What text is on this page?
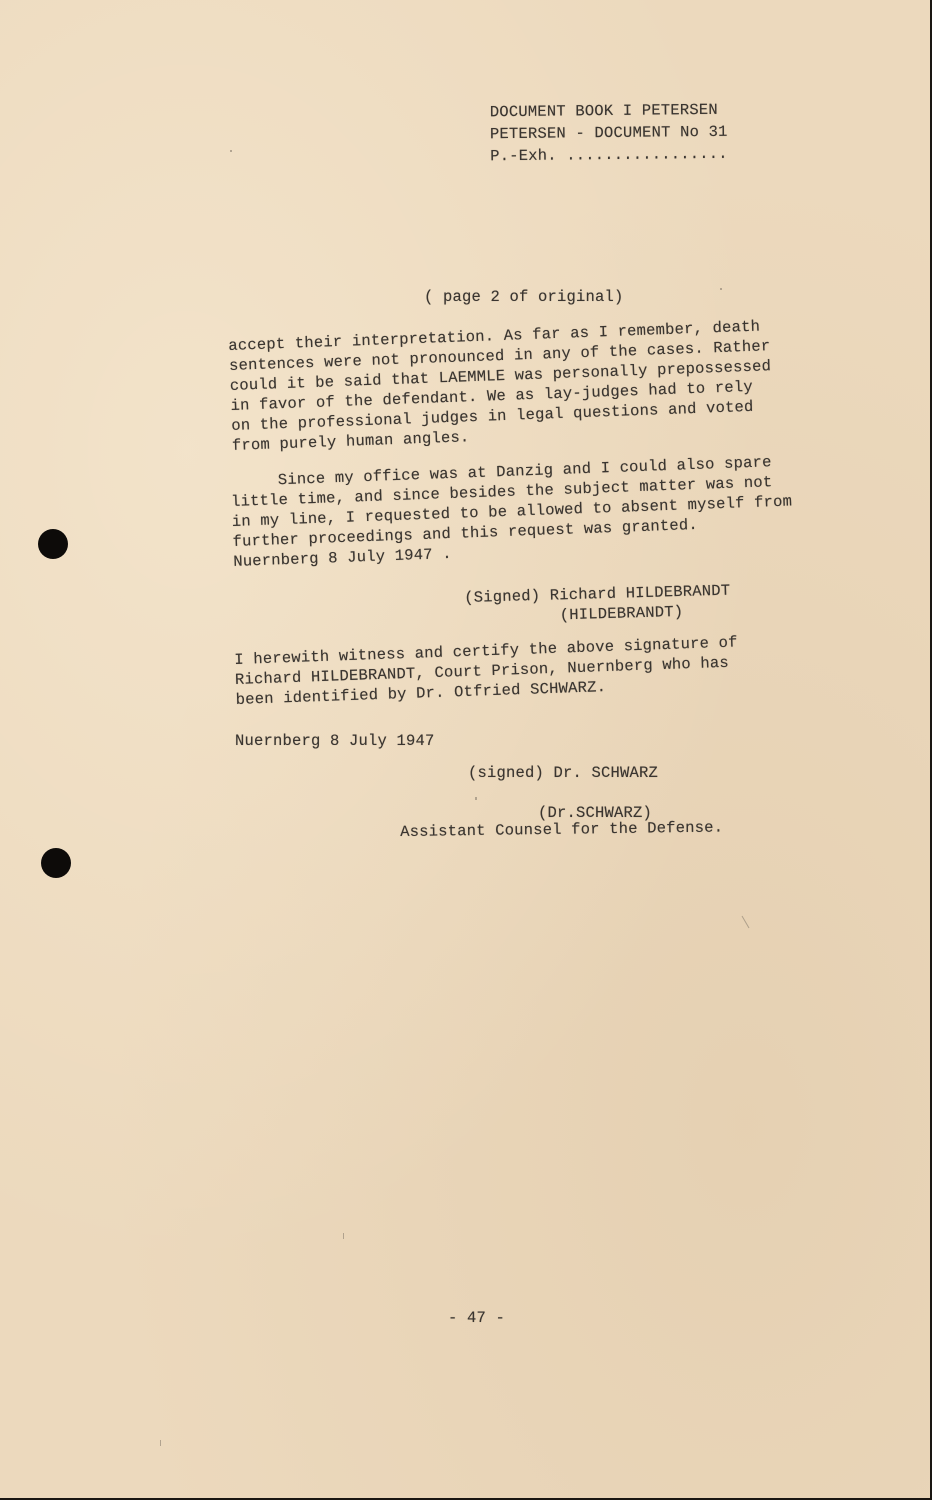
DOCUMENT BOOK I PETERSEN
PETERSEN - DOCUMENT No 31
P.-Exh. .................
( page 2 of original)
accept their interpretation. As far as I remember, death
sentences were not pronounced in any of the cases. Rather
could it be said that LAEMMLE was personally prepossessed
in favor of the defendant. We as lay-judges had to rely
on the professional judges in legal questions and voted
from purely human angles.
Since my office was at Danzig and I could also spare
little time, and since besides the subject matter was not
in my line, I requested to be allowed to absent myself from
further proceedings and this request was granted.
Nuernberg 8 July 1947 .
(Signed) Richard HILDEBRANDT
(HILDEBRANDT)
I herewith witness and certify the above signature of
Richard HILDEBRANDT, Court Prison, Nuernberg who has
been identified by Dr. Otfried SCHWARZ.
Nuernberg 8 July 1947
(signed) Dr. SCHWARZ
(Dr.SCHWARZ)
Assistant Counsel for the Defense.
- 47 -
